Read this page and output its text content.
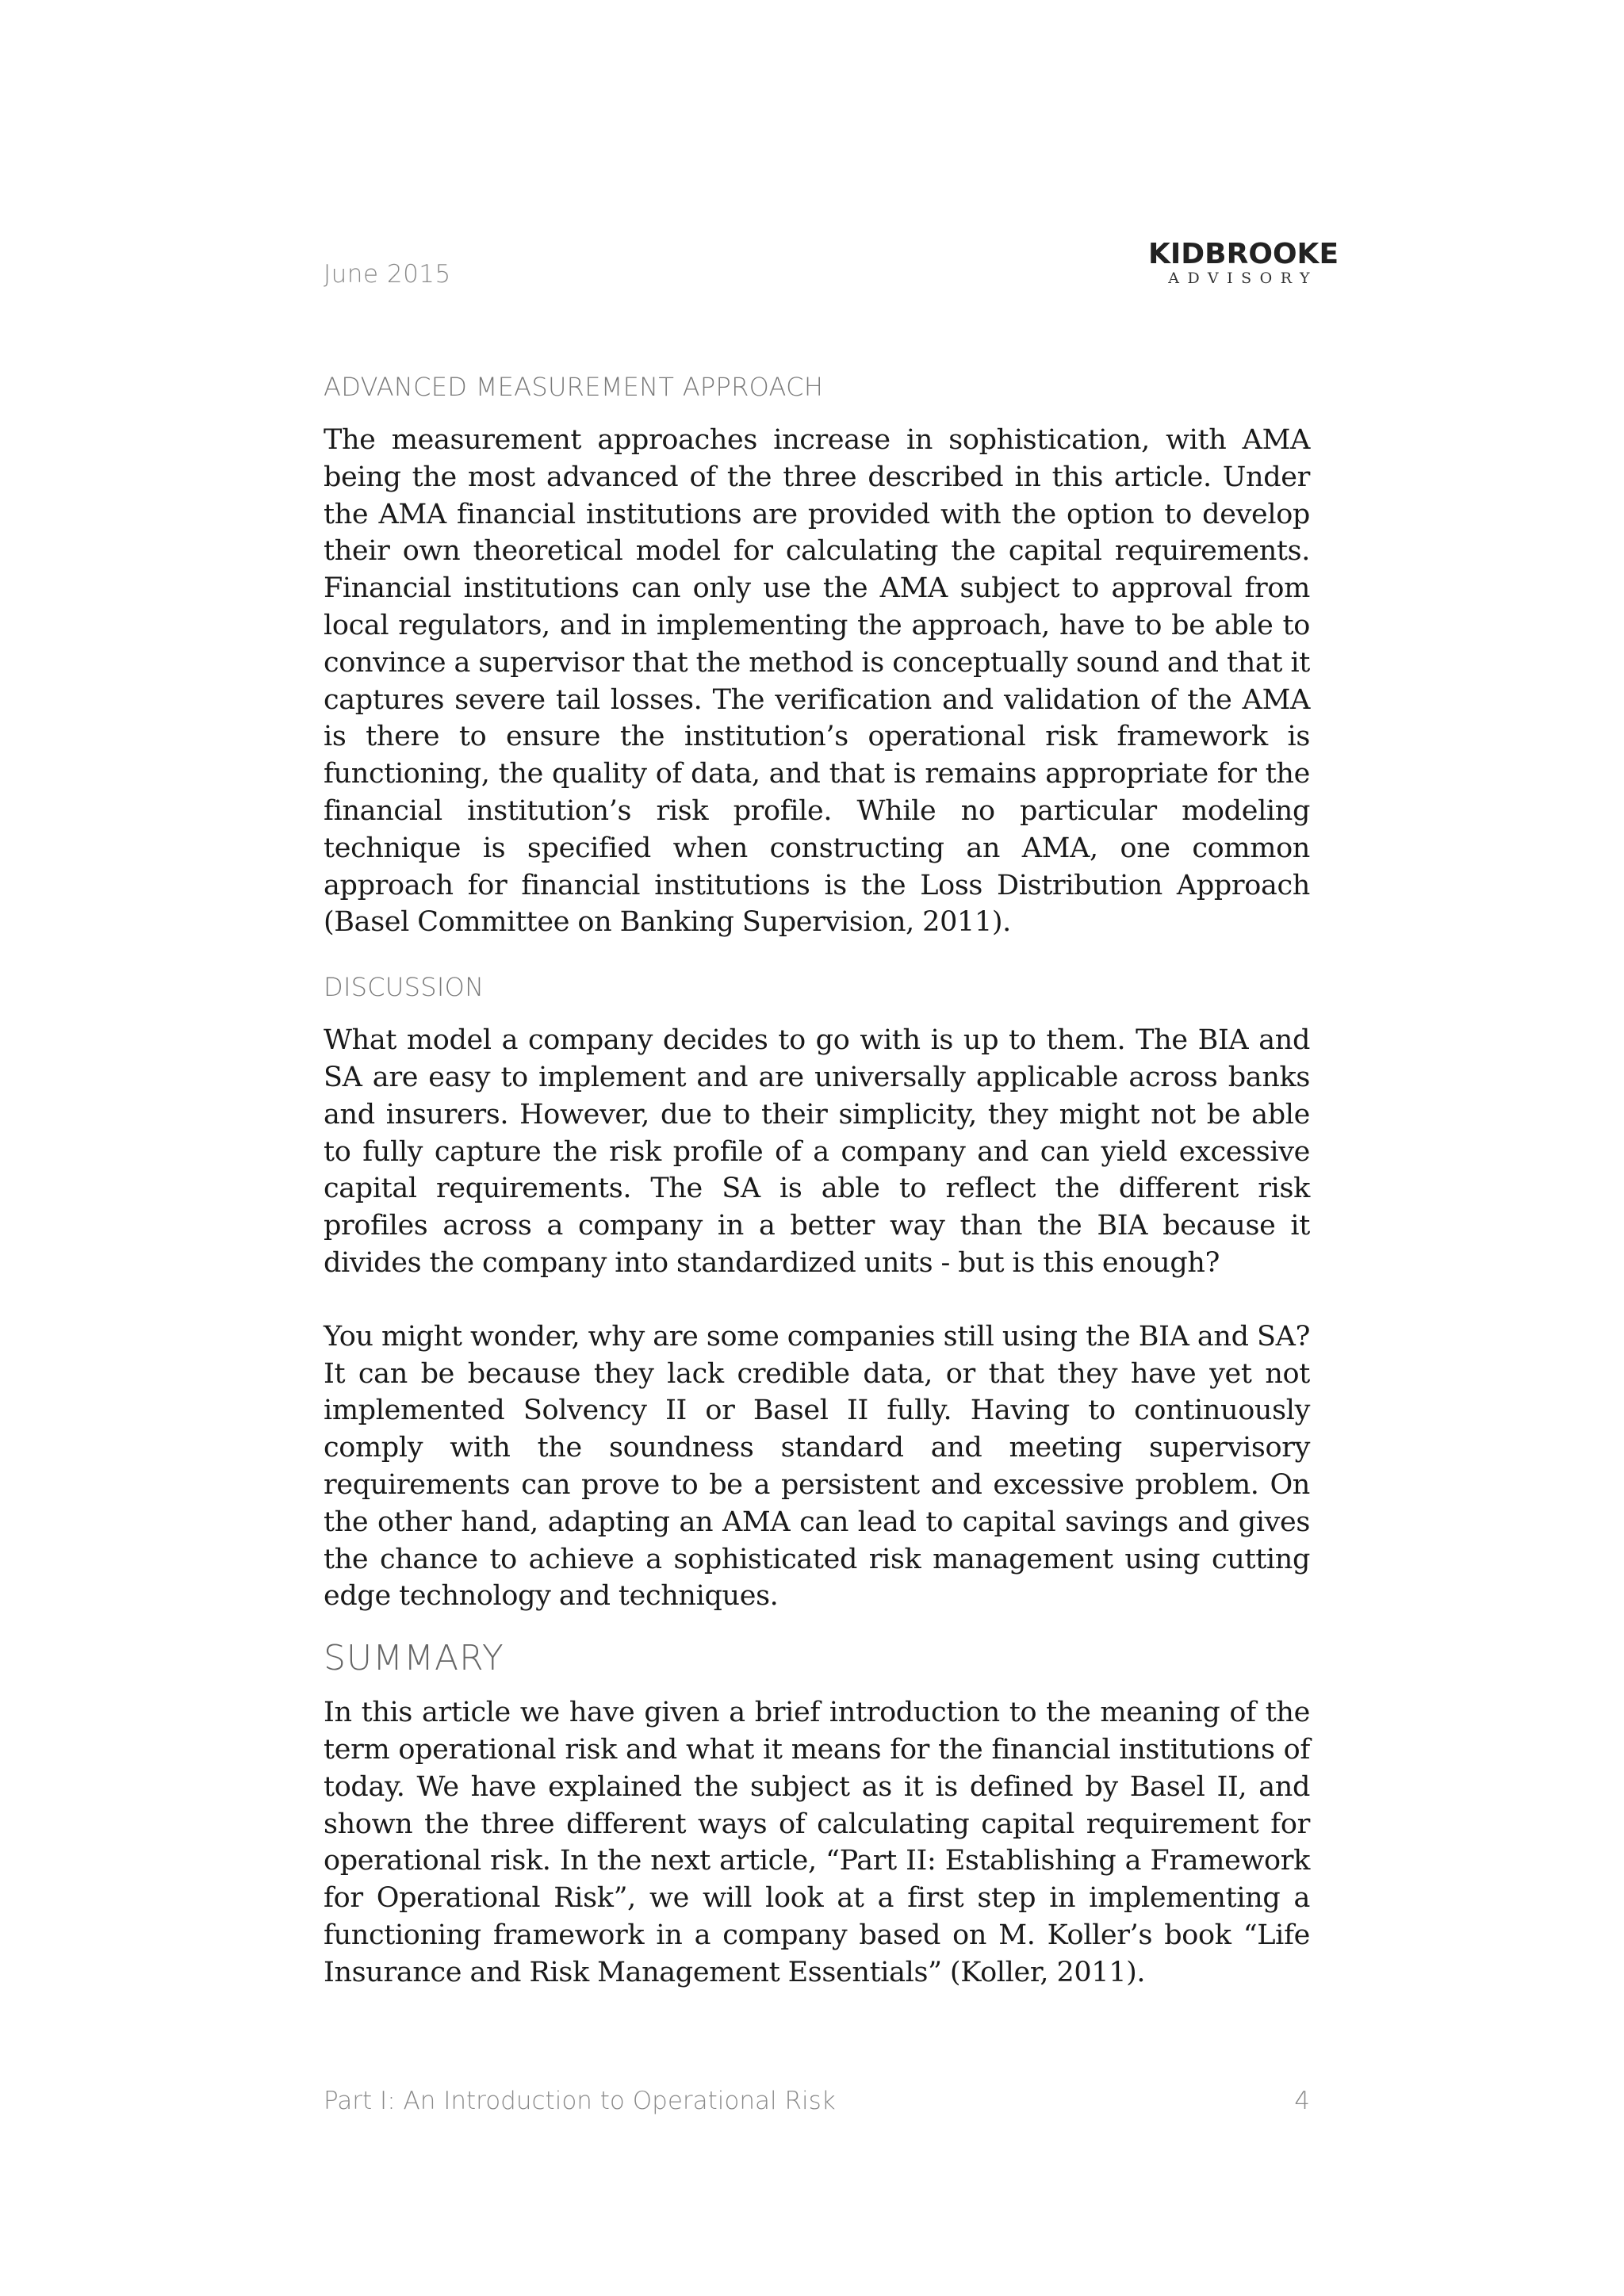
June 2015
KIDBROOKE
ADVISORY
ADVANCED MEASUREMENT APPROACH

The measurement approaches increase in sophistication, with AMA being the most advanced of the three described in this article. Under the AMA financial institutions are provided with the option to develop their own theoretical model for calculating the capital requirements. Financial institutions can only use the AMA subject to approval from local regulators, and in implementing the approach, have to be able to convince a supervisor that the method is conceptually sound and that it captures severe tail losses. The verification and validation of the AMA is there to ensure the institution’s operational risk framework is functioning, the quality of data, and that is remains appropriate for the financial institution’s risk profile. While no particular modeling technique is specified when constructing an AMA, one common approach for financial institutions is the Loss Distribution Approach (Basel Committee on Banking Supervision, 2011).

DISCUSSION

What model a company decides to go with is up to them. The BIA and SA are easy to implement and are universally applicable across banks and insurers. However, due to their simplicity, they might not be able to fully capture the risk profile of a company and can yield excessive capital requirements. The SA is able to reflect the different risk profiles across a company in a better way than the BIA because it divides the company into standardized units - but is this enough?

You might wonder, why are some companies still using the BIA and SA? It can be because they lack credible data, or that they have yet not implemented Solvency II or Basel II fully. Having to continuously comply with the soundness standard and meeting supervisory requirements can prove to be a persistent and excessive problem. On the other hand, adapting an AMA can lead to capital savings and gives the chance to achieve a sophisticated risk management using cutting edge technology and techniques.

SUMMARY

In this article we have given a brief introduction to the meaning of the term operational risk and what it means for the financial institutions of today. We have explained the subject as it is defined by Basel II, and shown the three different ways of calculating capital requirement for operational risk. In the next article, “Part II: Establishing a Framework for Operational Risk”, we will look at a first step in implementing a functioning framework in a company based on M. Koller’s book “Life Insurance and Risk Management Essentials” (Koller, 2011).

Part I: An Introduction to Operational Risk	4
